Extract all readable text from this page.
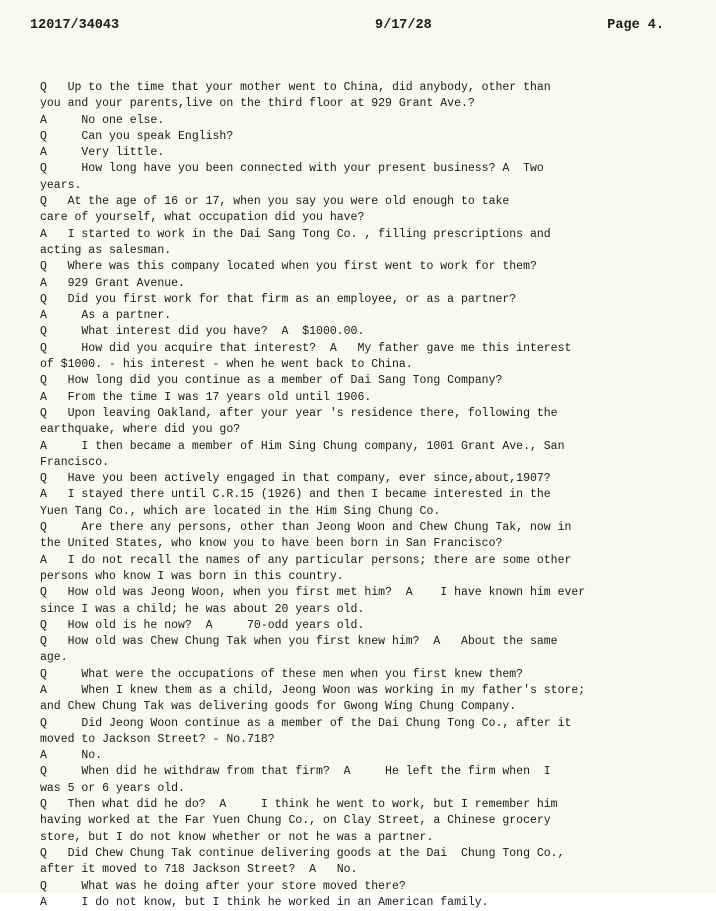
12017/34043	9/17/28	Page 4.
Q   Up to the time that your mother went to China, did anybody, other than
you and your parents,live on the third floor at 929 Grant Ave.?
A     No one else.
Q     Can you speak English?
A     Very little.
Q     How long have you been connected with your present business? A  Two
years.
Q   At the age of 16 or 17, when you say you were old enough to take
care of yourself, what occupation did you have?
A   I started to work in the Dai Sang Tong Co. , filling prescriptions and
acting as salesman.
Q   Where was this company located when you first went to work for them?
A   929 Grant Avenue.
Q   Did you first work for that firm as an employee, or as a partner?
A     As a partner.
Q     What interest did you have?  A  $1000.00.
Q     How did you acquire that interest?  A   My father gave me this interest
of $1000. - his interest - when he went back to China.
Q   How long did you continue as a member of Dai Sang Tong Company?
A   From the time I was 17 years old until 1906.
Q   Upon leaving Oakland, after your year 's residence there, following the
earthquake, where did you go?
A     I then became a member of Him Sing Chung company, 1001 Grant Ave., San
Francisco.
Q   Have you been actively engaged in that company, ever since,about,1907?
A   I stayed there until C.R.15 (1926) and then I became interested in the
Yuen Tang Co., which are located in the Him Sing Chung Co.
Q     Are there any persons, other than Jeong Woon and Chew Chung Tak, now in
the United States, who know you to have been born in San Francisco?
A   I do not recall the names of any particular persons; there are some other
persons who know I was born in this country.
Q   How old was Jeong Woon, when you first met him?  A    I have known him ever
since I was a child; he was about 20 years old.
Q   How old is he now?  A     70-odd years old.
Q   How old was Chew Chung Tak when you first knew him?  A   About the same
age.
Q     What were the occupations of these men when you first knew them?
A     When I knew them as a child, Jeong Woon was working in my father's store;
and Chew Chung Tak was delivering goods for Gwong Wing Chung Company.
Q     Did Jeong Woon continue as a member of the Dai Chung Tong Co., after it
moved to Jackson Street? - No.718?
A     No.
Q     When did he withdraw from that firm?  A     He left the firm when  I
was 5 or 6 years old.
Q   Then what did he do?  A     I think he went to work, but I remember him
having worked at the Far Yuen Chung Co., on Clay Street, a Chinese grocery
store, but I do not know whether or not he was a partner.
Q   Did Chew Chung Tak continue delivering goods at the Dai  Chung Tong Co.,
after it moved to 718 Jackson Street?  A   No.
Q     What was he doing after your store moved there?
A     I do not know, but I think he worked in an American family.
